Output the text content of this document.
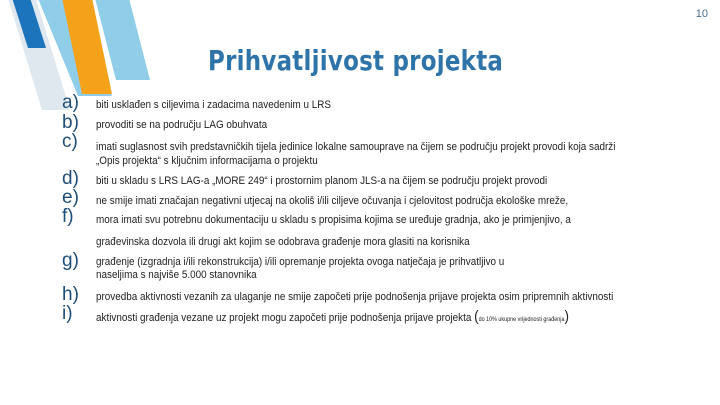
10
Prihvatljivost projekta
a) biti usklađen s ciljevima i zadacima navedenim u LRS
b) provoditi se na području LAG obuhvata
c) imati suglasnost svih predstavničkih tijela jedinice lokalne samouprave na čijem se području projekt provodi koja sadrži
„Opis projekta“ s ključnim informacijama o projektu
d) biti u skladu s LRS LAG-a „MORE 249“ i prostornim planom JLS-a na čijem se području projekt provodi
e) ne smije imati značajan negativni utjecaj na okoliš i/ili ciljeve očuvanja i cjelovitost područja ekološke mreže,
f) mora imati svu potrebnu dokumentaciju u skladu s propisima kojima se uređuje gradnja, ako je primjenjivo, a
građevinska dozvola ili drugi akt kojim se odobrava građenje mora glasiti na korisnika
g) građenje (izgradnja i/ili rekonstrukcija) i/ili opremanje projekta ovoga natječaja je prihvatljivo u
naseljima s najviše 5.000 stanovnika
h) provedba aktivnosti vezanih za ulaganje ne smije započeti prije podnošenja prijave projekta osim pripremnih aktivnosti
i) aktivnosti građenja vezane uz projekt mogu započeti prije podnošenja prijave projekta (do 10% ukupne vrijednosti građenja)
